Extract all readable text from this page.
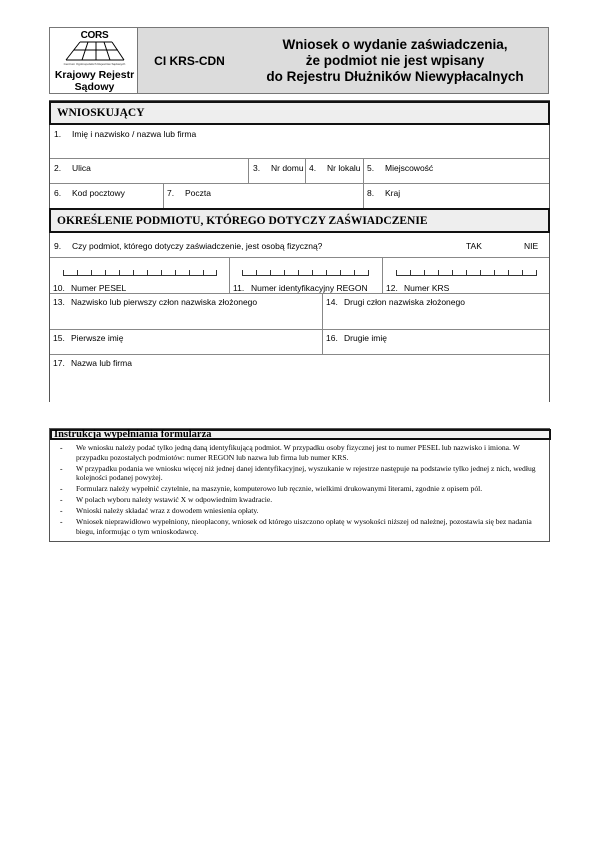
CORS
Centrum Ogólnopolskich Rejestrów Sądowych
Krajowy Rejestr
Sądowy
CI KRS-CDN
Wniosek o wydanie zaświadczenia,
że podmiot nie jest wpisany
do Rejestru Dłużników Niewypłacalnych
WNIOSKUJĄCY
1. Imię i nazwisko / nazwa lub firma
2. Ulica	3. Nr domu 4. Nr lokalu 5. Miejscowość
6. Kod pocztowy	7. Poczta	8. Kraj
OKREŚLENIE PODMIOTU, KTÓREGO DOTYCZY ZAŚWIADCZENIE
9. Czy podmiot, którego dotyczy zaświadczenie, jest osobą fizyczną?	TAK	NIE
10. Numer PESEL	11. Numer identyfikacyjny REGON 12. Numer KRS
13. Nazwisko lub pierwszy człon nazwiska złożonego	14. Drugi człon nazwiska złożonego
15. Pierwsze imię	16. Drugie imię
17. Nazwa lub firma
Instrukcja wypełniania formularza
- We wniosku należy podać tylko jedną daną identyfikującą podmiot. W przypadku osoby fizycznej jest to numer PESEL lub nazwisko i imiona. W przypadku pozostałych podmiotów: numer REGON lub nazwa lub firma lub numer KRS.
- W przypadku podania we wniosku więcej niż jednej danej identyfikacyjnej, wyszukanie w rejestrze następuje na podstawie tylko jednej z nich, według kolejności podanej powyżej.
- Formularz należy wypełnić czytelnie, na maszynie, komputerowo lub ręcznie, wielkimi drukowanymi literami, zgodnie z opisem pól.
- W polach wyboru należy wstawić X w odpowiednim kwadracie.
- Wnioski należy składać wraz z dowodem wniesienia opłaty.
- Wniosek nieprawidłowo wypełniony, nieopłacony, wniosek od którego uiszczono opłatę w wysokości niższej od należnej, pozostawia się bez nadania biegu, informując o tym wnioskodawcę.
